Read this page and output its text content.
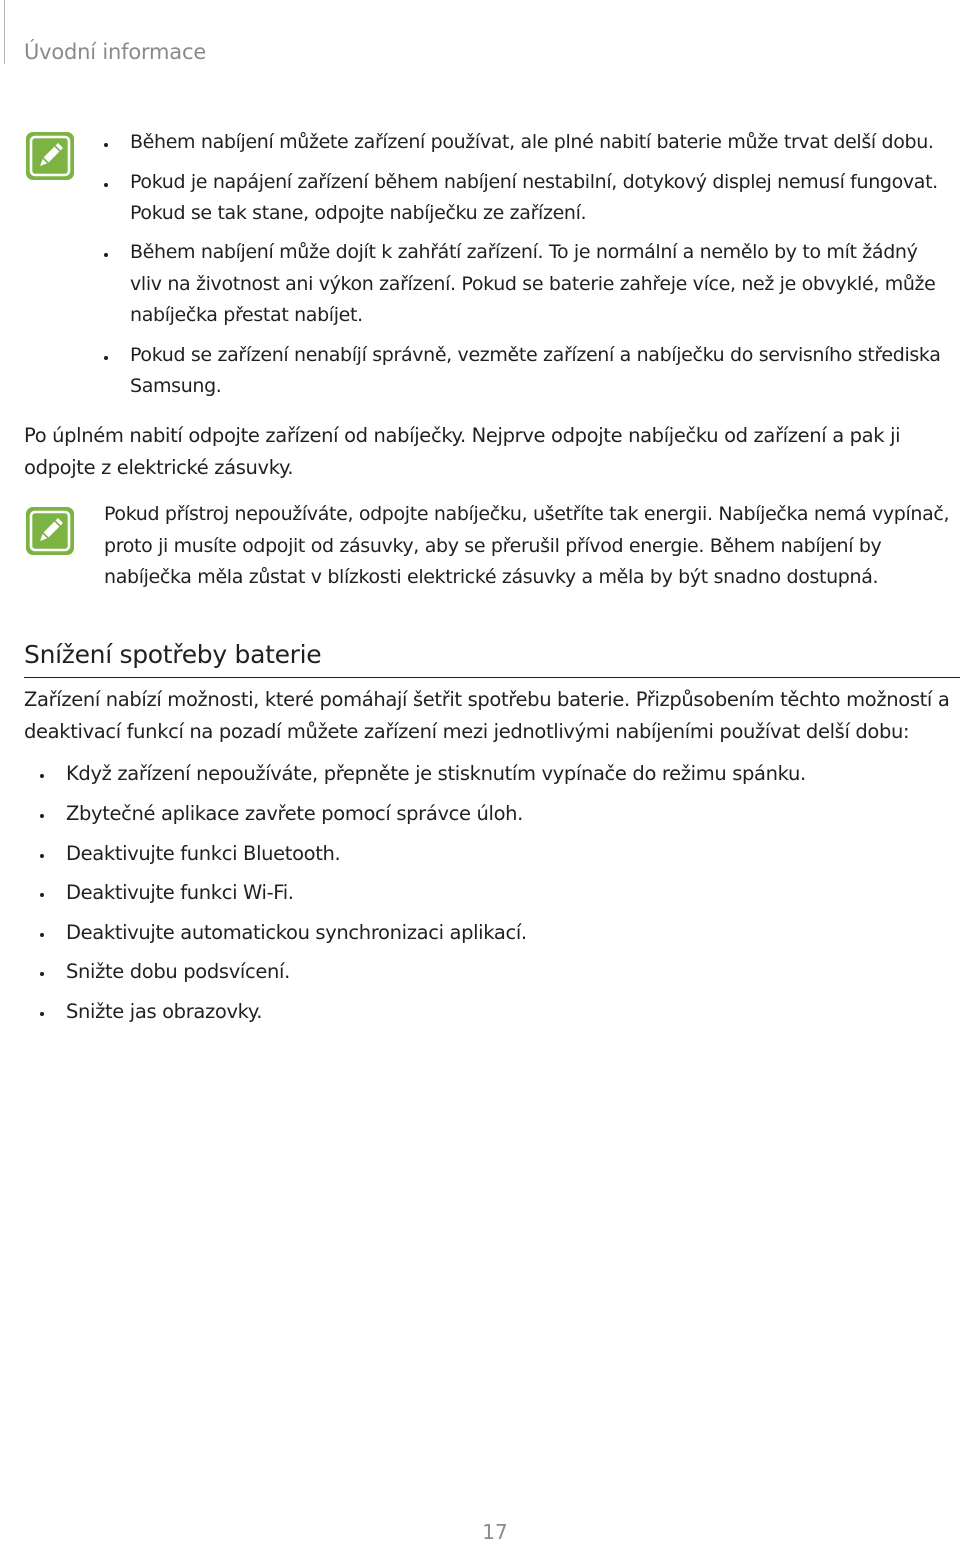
Úvodní informace
Během nabíjení můžete zařízení používat, ale plné nabití baterie může trvat delší dobu.
Pokud je napájení zařízení během nabíjení nestabilní, dotykový displej nemusí fungovat.
Pokud se tak stane, odpojte nabíječku ze zařízení.
Během nabíjení může dojít k zahřátí zařízení. To je normální a nemělo by to mít žádný
vliv na životnost ani výkon zařízení. Pokud se baterie zahřeje více, než je obvyklé, může
nabíječka přestat nabíjet.
Pokud se zařízení nenabíjí správně, vezměte zařízení a nabíječku do servisního střediska
Samsung.
Po úplném nabití odpojte zařízení od nabíječky. Nejprve odpojte nabíječku od zařízení a pak ji
odpojte z elektrické zásuvky.
Pokud přístroj nepoužíváte, odpojte nabíječku, ušetříte tak energii. Nabíječka nemá vypínač,
proto ji musíte odpojit od zásuvky, aby se přerušil přívod energie. Během nabíjení by
nabíječka měla zůstat v blízkosti elektrické zásuvky a měla by být snadno dostupná.
Snížení spotřeby baterie
Zařízení nabízí možnosti, které pomáhají šetřit spotřebu baterie. Přizpůsobením těchto možností a
deaktivací funkcí na pozadí můžete zařízení mezi jednotlivými nabíjeními používat delší dobu:
Když zařízení nepoužíváte, přepněte je stisknutím vypínače do režimu spánku.
Zbytečné aplikace zavřete pomocí správce úloh.
Deaktivujte funkci Bluetooth.
Deaktivujte funkci Wi-Fi.
Deaktivujte automatickou synchronizaci aplikací.
Snižte dobu podsvícení.
Snižte jas obrazovky.
17
